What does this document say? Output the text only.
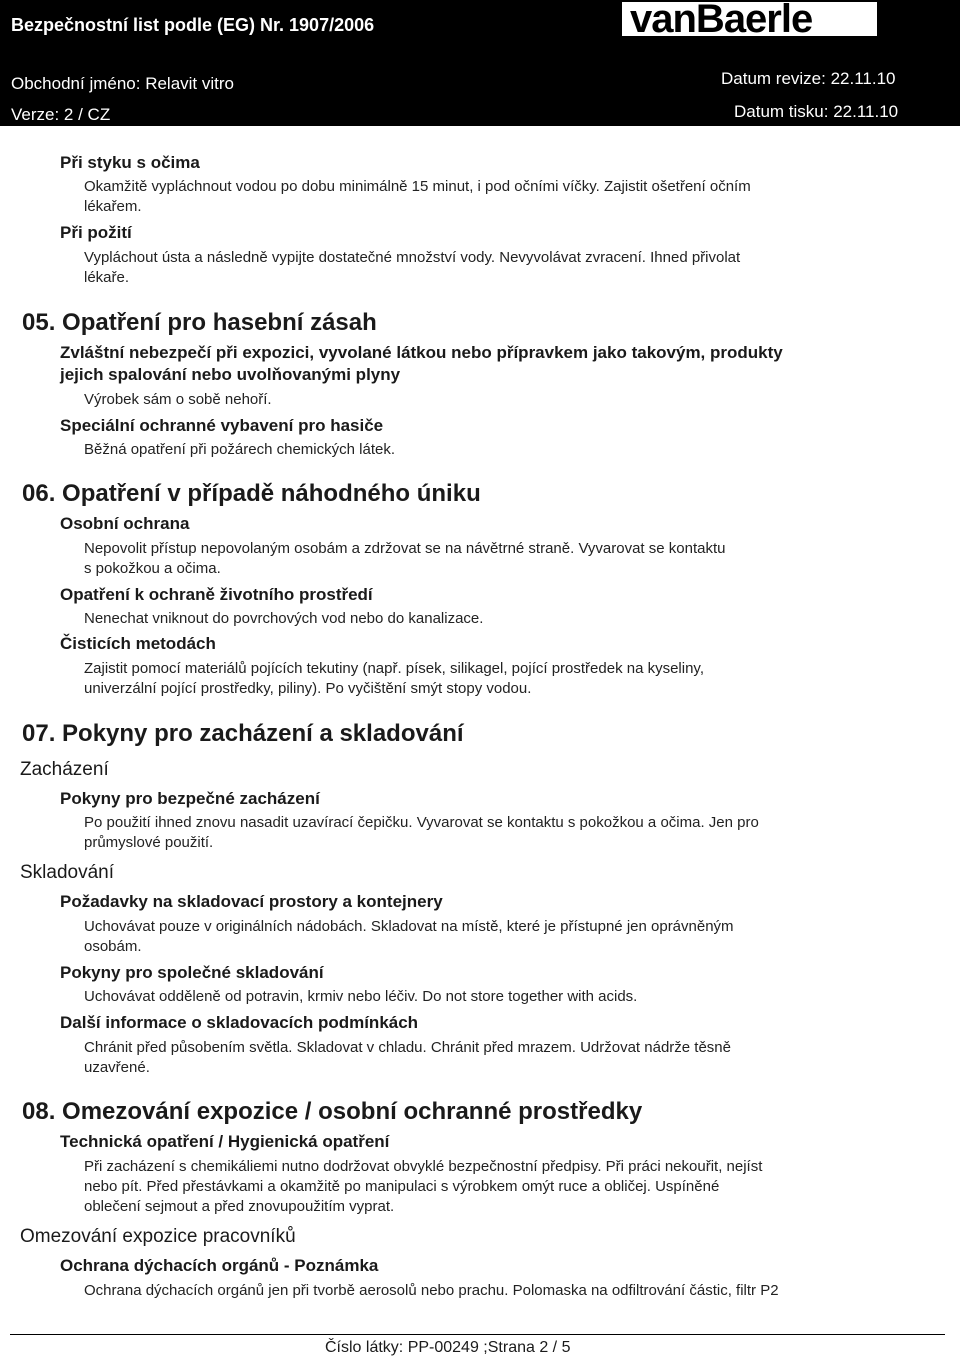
Bezpečnostní list podle (EG) Nr. 1907/2006	vanBaerle
Obchodní jméno: Relavit vitro
Verze: 2 / CZ
Datum revize: 22.11.10
Datum tisku: 22.11.10
Při styku s očima
Okamžitě vypláchnout vodou po dobu minimálně 15 minut, i pod očními víčky. Zajistit ošetření očním
lékařem.
Při požití
Vypláchout ústa a následně vypijte dostatečné množství vody. Nevyvolávat zvracení. Ihned přivolat
lékaře.
05. Opatření pro hasební zásah
Zvláštní nebezpečí při expozici, vyvolané látkou nebo přípravkem jako takovým, produkty
jejich spalování nebo uvolňovanými plyny
Výrobek sám o sobě nehoří.
Speciální ochranné vybavení pro hasiče
Běžná opatření při požárech chemických látek.
06. Opatření v případě náhodného úniku
Osobní ochrana
Nepovolit přístup nepovolaným osobám a zdržovat se na návětrné straně. Vyvarovat se kontaktu
s pokožkou a očima.
Opatření k ochraně životního prostředí
Nenechat vniknout do povrchových vod nebo do kanalizace.
Čisticích metodách
Zajistit pomocí materiálů pojících tekutiny (např. písek, silikagel, pojící prostředek na kyseliny,
univerzální pojící prostředky, piliny). Po vyčištění smýt stopy vodou.
07. Pokyny pro zacházení a skladování
Zacházení
Pokyny pro bezpečné zacházení
Po použití ihned znovu nasadit uzavírací čepičku. Vyvarovat se kontaktu s pokožkou a očima. Jen pro
průmyslové použití.
Skladování
Požadavky na skladovací prostory a kontejnery
Uchovávat pouze v originálních nádobách. Skladovat na místě, které je přístupné jen oprávněným
osobám.
Pokyny pro společné skladování
Uchovávat odděleně od potravin, krmiv nebo léčiv. Do not store together with acids.
Další informace o skladovacích podmínkách
Chránit před působením světla. Skladovat v chladu. Chránit před mrazem. Udržovat nádrže těsně
uzavřené.
08. Omezování expozice / osobní ochranné prostředky
Technická opatření / Hygienická opatření
Při zacházení s chemikáliemi nutno dodržovat obvyklé bezpečnostní předpisy. Při práci nekouřit, nejíst
nebo pít. Před přestávkami a okamžitě po manipulaci s výrobkem omýt ruce a obličej. Uspíněné
oblečení sejmout a před znovupoužitím vyprat.
Omezování expozice pracovníků
Ochrana dýchacích orgánů - Poznámka
Ochrana dýchacích orgánů jen při tvorbě aerosolů nebo prachu. Polomaska na odfiltrování částic, filtr P2
Číslo látky: PP-00249 ;Strana 2 / 5
